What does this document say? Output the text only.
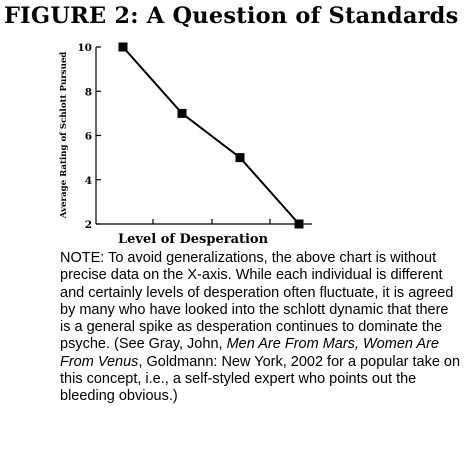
FIGURE 2: A Question of Standards
2
4
6
8
10
Level of Desperation
Average Rating of Schlott Pursued

NOTE: To avoid generalizations, the above chart is without precise data on the X-axis. While each individual is different and certainly levels of desperation often fluctuate, it is agreed by many who have looked into the schlott dynamic that there is a general spike as desperation continues to dominate the psyche. (See Gray, John, Men Are From Mars, Women Are From Venus, Goldmann: New York, 2002 for a popular take on this concept, i.e., a self-styled expert who points out the bleeding obvious.)
